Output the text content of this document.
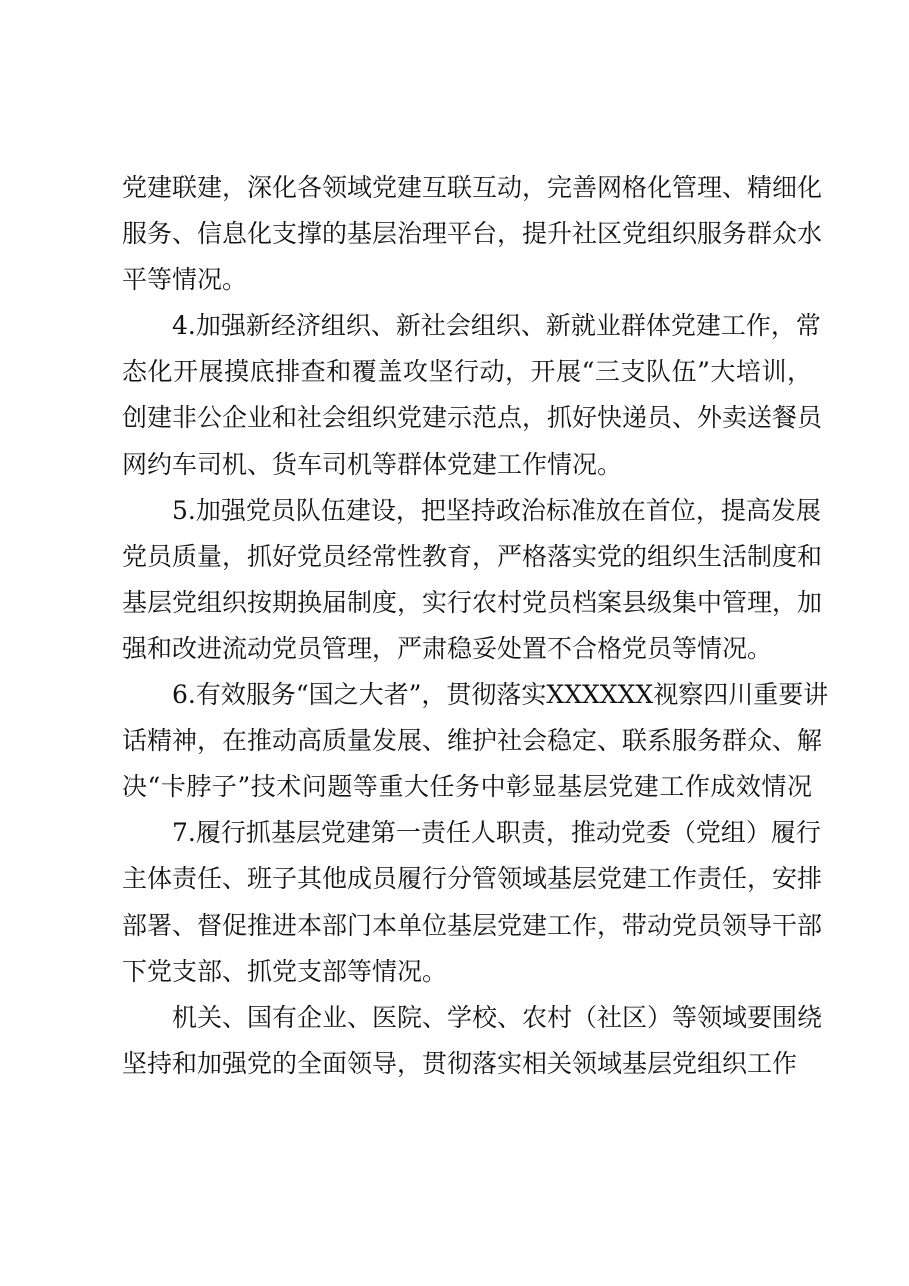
党建联建，深化各领域党建互联互动，完善网格化管理、精细化
服务、信息化支撑的基层治理平台，提升社区党组织服务群众水
平等情况。
4.加强新经济组织、新社会组织、新就业群体党建工作，常
态化开展摸底排查和覆盖攻坚行动，开展“三支队伍”大培训，
创建非公企业和社会组织党建示范点，抓好快递员、外卖送餐员
网约车司机、货车司机等群体党建工作情况。
5.加强党员队伍建设，把坚持政治标准放在首位，提高发展
党员质量，抓好党员经常性教育，严格落实党的组织生活制度和
基层党组织按期换届制度，实行农村党员档案县级集中管理，加
强和改进流动党员管理，严肃稳妥处置不合格党员等情况。
6.有效服务“国之大者”，贯彻落实XXXXXX视察四川重要讲
话精神，在推动高质量发展、维护社会稳定、联系服务群众、解
决“卡脖子”技术问题等重大任务中彰显基层党建工作成效情况
7.履行抓基层党建第一责任人职责，推动党委（党组）履行
主体责任、班子其他成员履行分管领域基层党建工作责任，安排
部署、督促推进本部门本单位基层党建工作，带动党员领导干部
下党支部、抓党支部等情况。
机关、国有企业、医院、学校、农村（社区）等领域要围绕
坚持和加强党的全面领导，贯彻落实相关领域基层党组织工作
